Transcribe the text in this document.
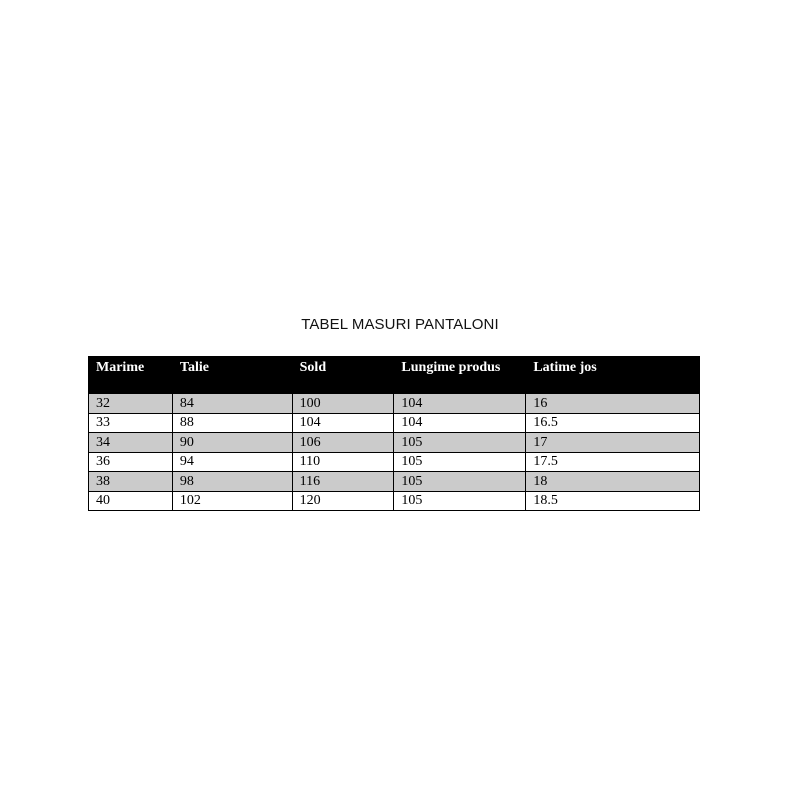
TABEL MASURI PANTALONI
Marime	Talie	Sold	Lungime produs	Latime jos
32	84	100	104	16
33	88	104	104	16.5
34	90	106	105	17
36	94	110	105	17.5
38	98	116	105	18
40	102	120	105	18.5
